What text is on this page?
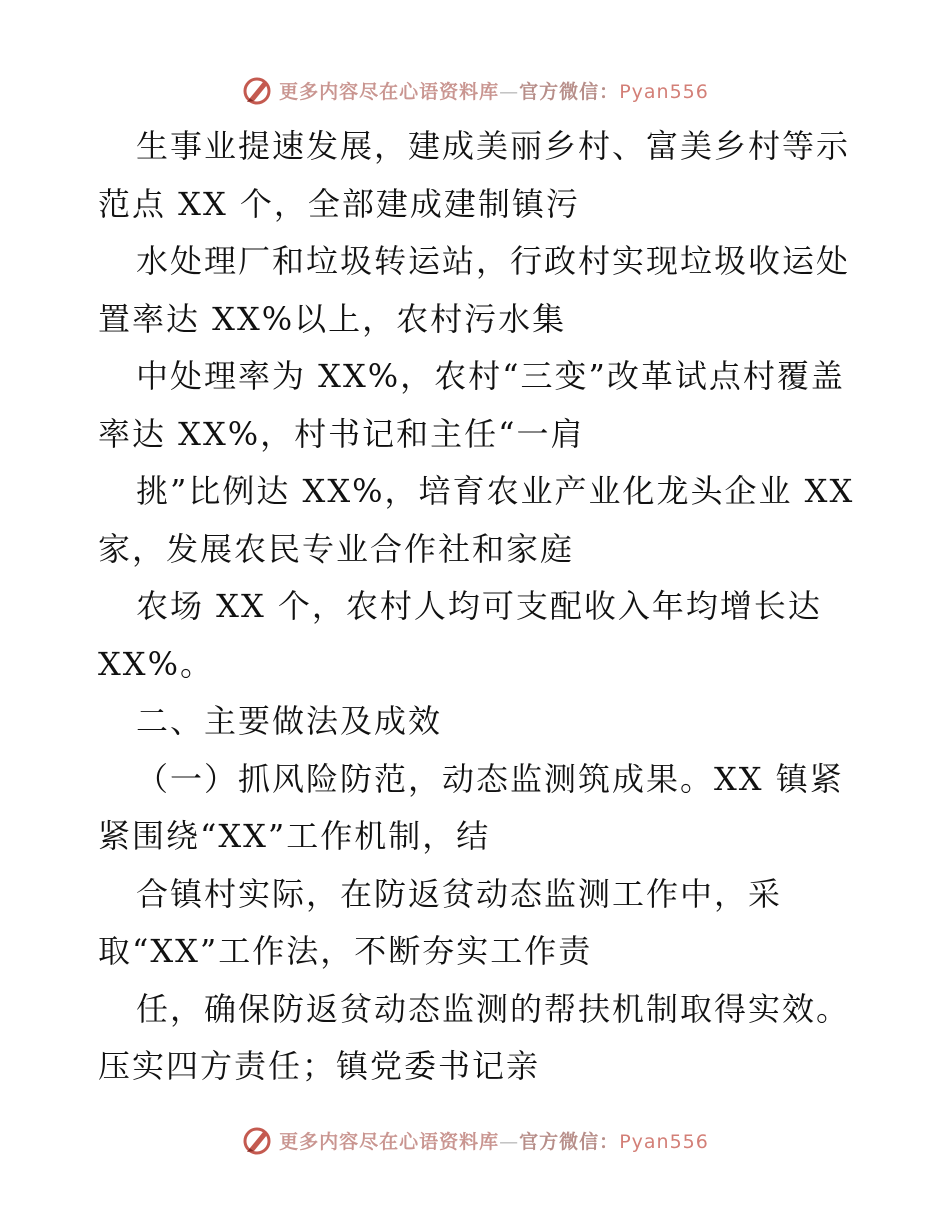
更多内容尽在心语资料库—官方微信：Pyan556
生事业提速发展，建成美丽乡村、富美乡村等示
范点 XX 个，全部建成建制镇污
水处理厂和垃圾转运站，行政村实现垃圾收运处
置率达 XX%以上，农村污水集
中处理率为 XX%，农村“三变”改革试点村覆盖
率达 XX%，村书记和主任“一肩
挑”比例达 XX%，培育农业产业化龙头企业 XX
家，发展农民专业合作社和家庭
农场 XX 个，农村人均可支配收入年均增长达
XX%。
二、主要做法及成效
（一）抓风险防范，动态监测筑成果。XX 镇紧
紧围绕“XX”工作机制，结
合镇村实际，在防返贫动态监测工作中，采
取“XX”工作法，不断夯实工作责
任，确保防返贫动态监测的帮扶机制取得实效。
压实四方责任；镇党委书记亲
更多内容尽在心语资料库—官方微信：Pyan556
